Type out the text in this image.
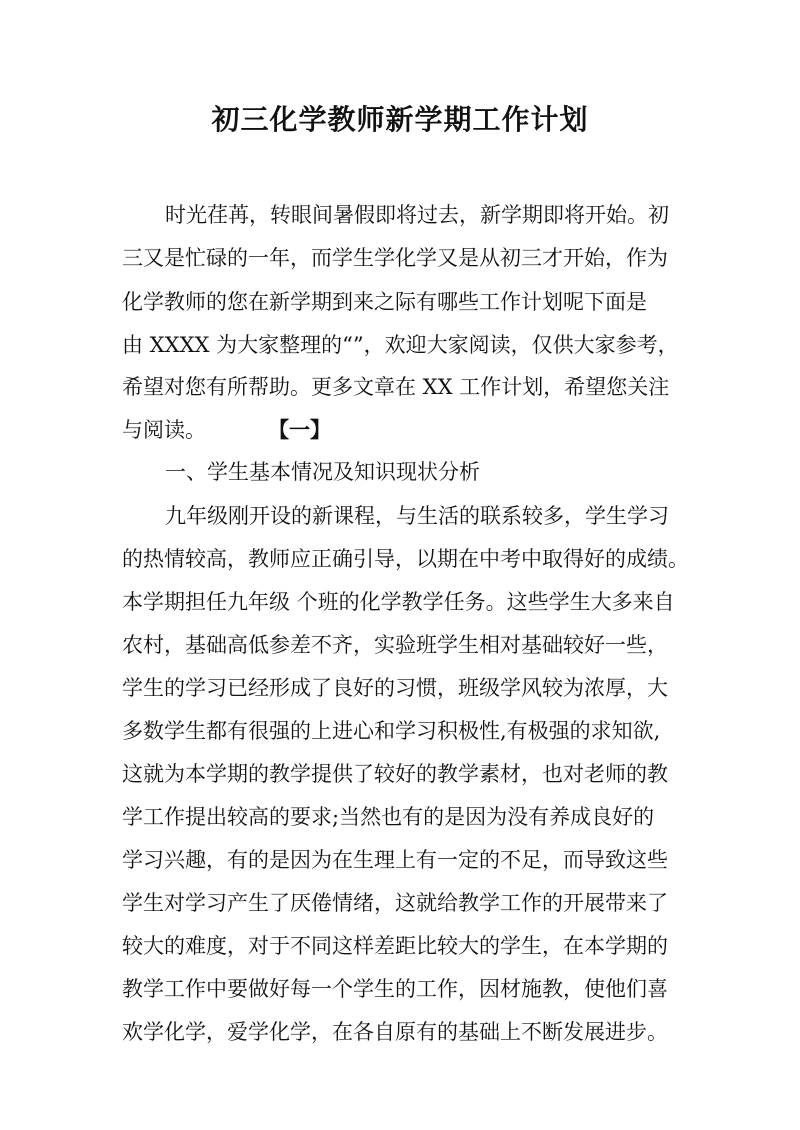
初三化学教师新学期工作计划

时光荏苒，转眼间暑假即将过去，新学期即将开始。初

三又是忙碌的一年，而学生学化学又是从初三才开始，作为

化学教师的您在新学期到来之际有哪些工作计划呢下面是

由 XXXX 为大家整理的“”，欢迎大家阅读，仅供大家参考，

希望对您有所帮助。更多文章在 XX 工作计划，希望您关注

与阅读。	【一】

一、学生基本情况及知识现状分析

九年级刚开设的新课程，与生活的联系较多，学生学习

的热情较高，教师应正确引导，以期在中考中取得好的成绩。

本学期担任九年级 个班的化学教学任务。这些学生大多来自

农村，基础高低参差不齐，实验班学生相对基础较好一些，

学生的学习已经形成了良好的习惯，班级学风较为浓厚，大

多数学生都有很强的上进心和学习积极性,有极强的求知欲,

这就为本学期的教学提供了较好的教学素材，也对老师的教

学工作提出较高的要求;当然也有的是因为没有养成良好的

学习兴趣，有的是因为在生理上有一定的不足，而导致这些

学生对学习产生了厌倦情绪，这就给教学工作的开展带来了

较大的难度，对于不同这样差距比较大的学生，在本学期的

教学工作中要做好每一个学生的工作，因材施教，使他们喜

欢学化学，爱学化学，在各自原有的基础上不断发展进步。
